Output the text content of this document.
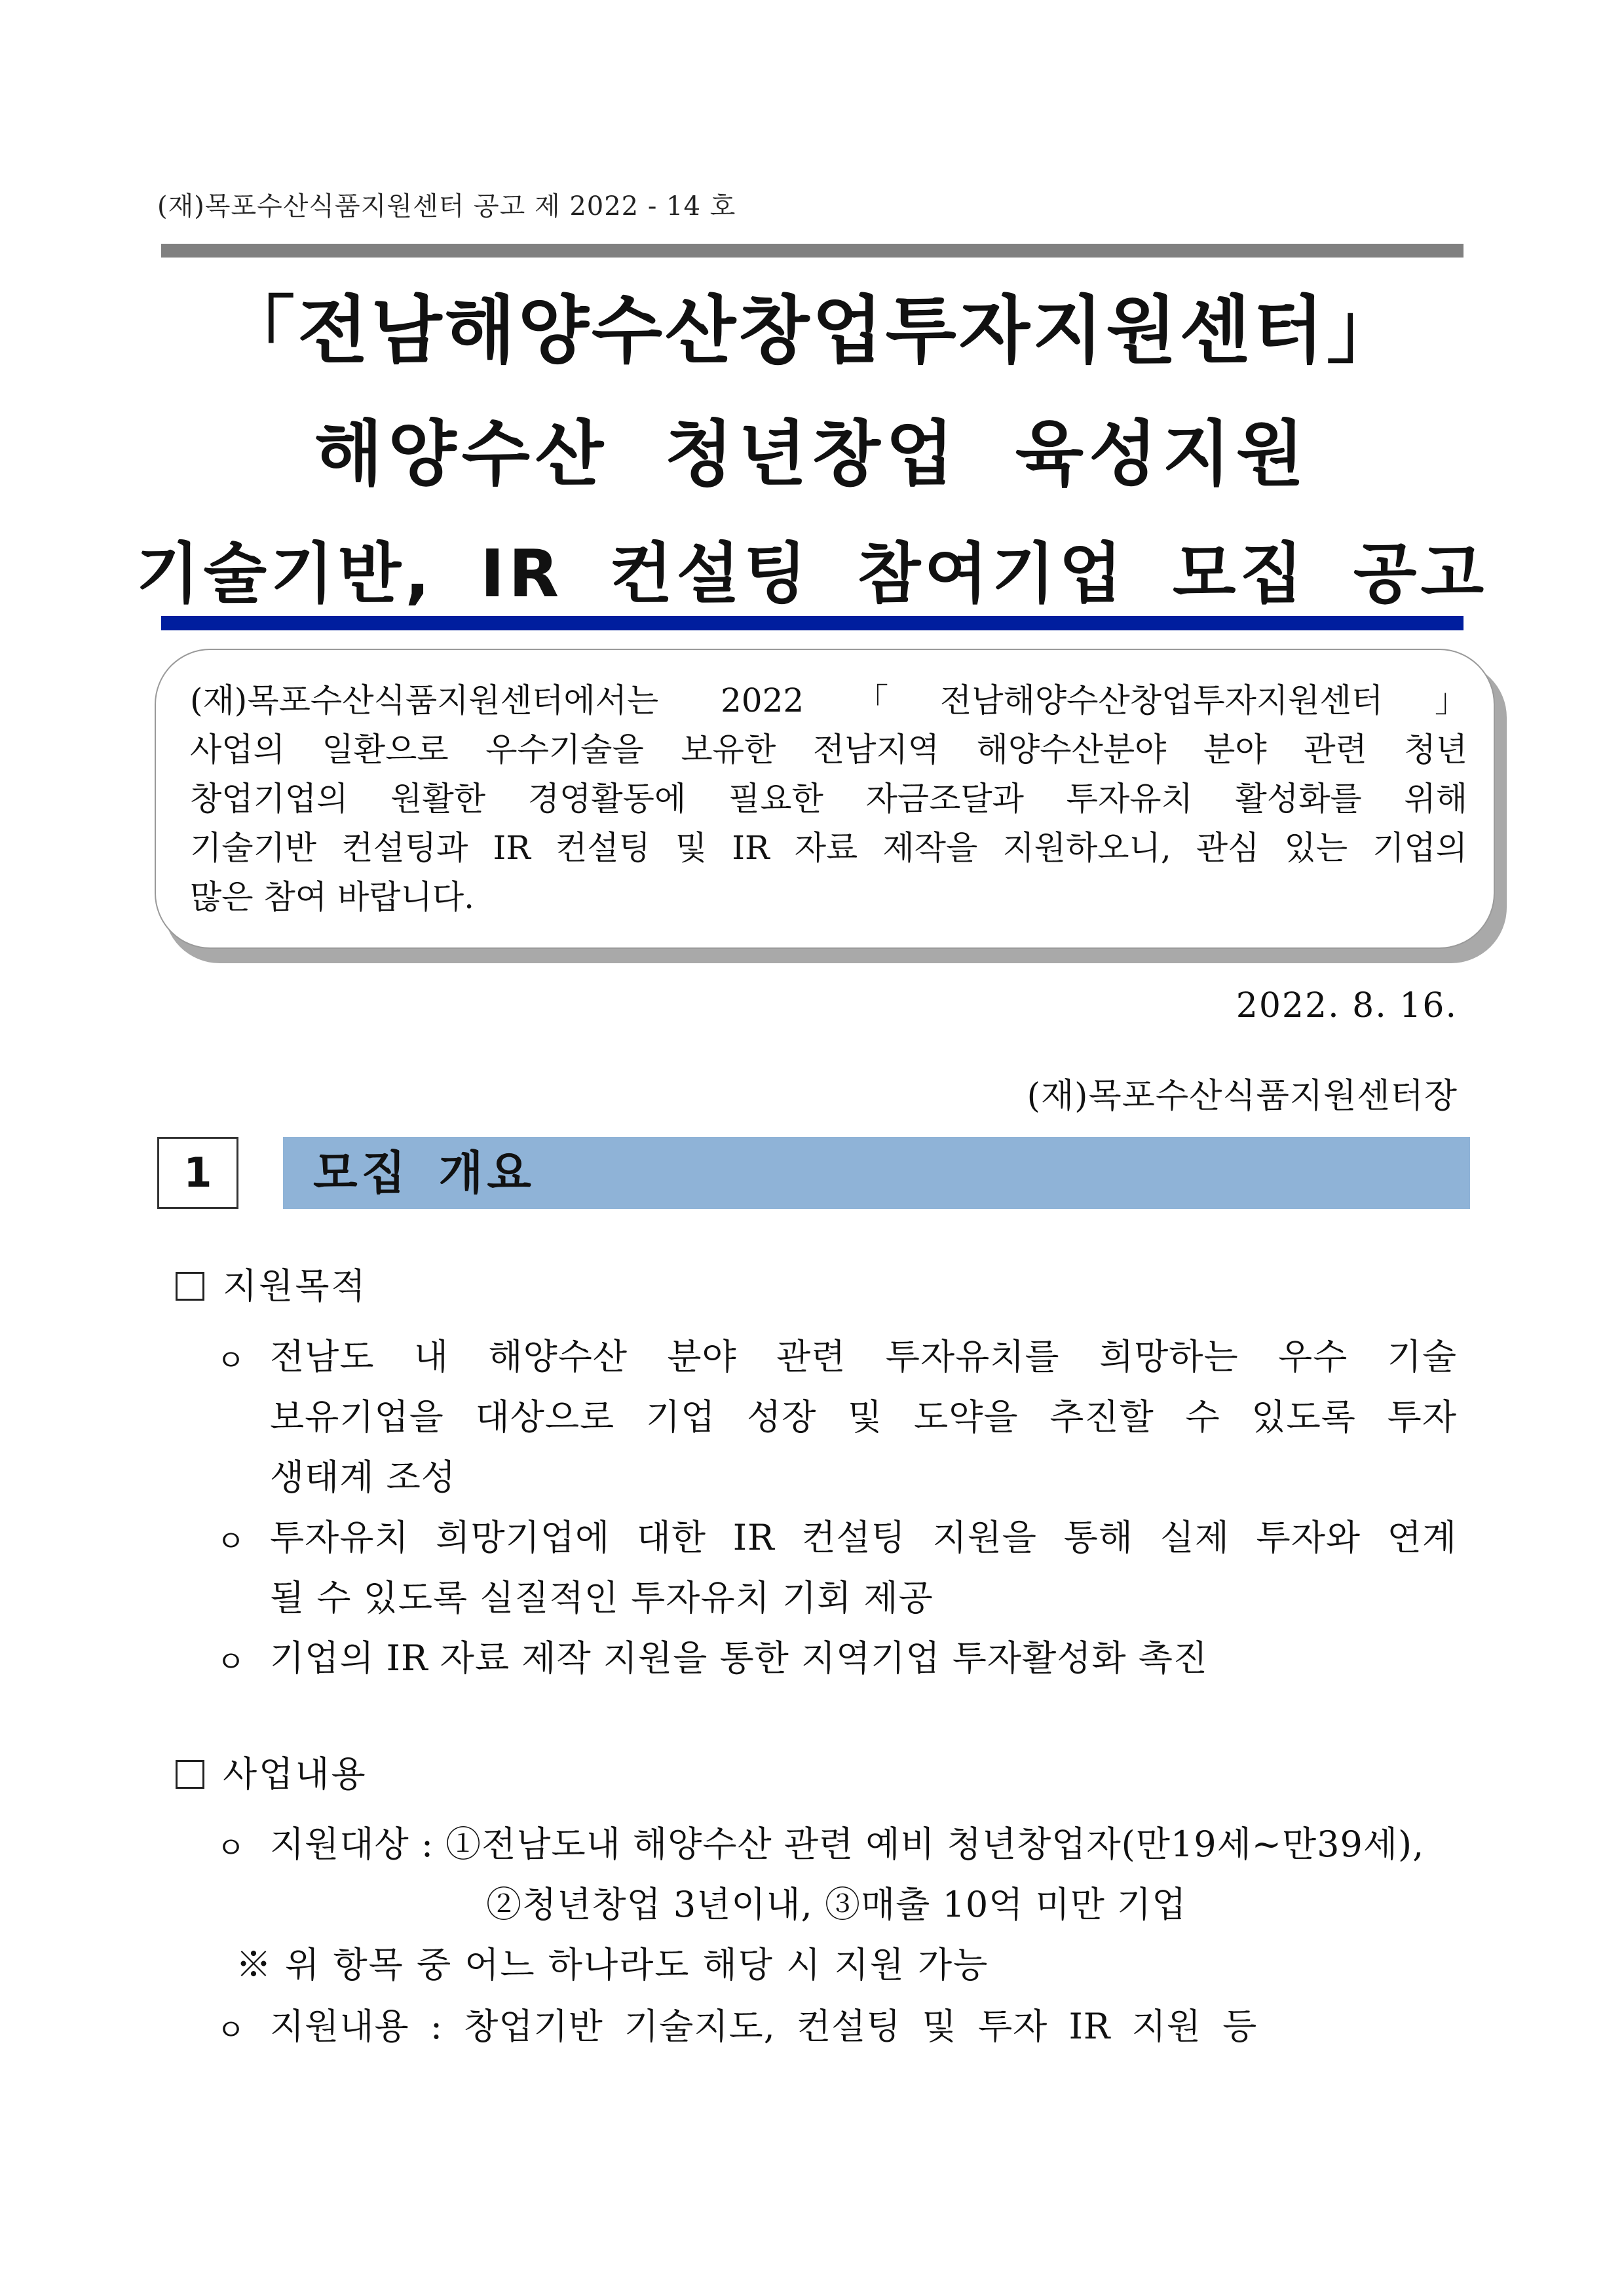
(재)목포수산식품지원센터 공고 제 2022 - 14 호
「전남해양수산창업투자지원센터」
해양수산 청년창업 육성지원
기술기반, IR 컨설팅 참여기업 모집 공고
(재)목포수산식품지원센터에서는 2022「전남해양수산창업투자지원센터」
사업의 일환으로 우수기술을 보유한 전남지역 해양수산분야 분야 관련 청년
창업기업의 원활한 경영활동에 필요한 자금조달과 투자유치 활성화를 위해
기술기반 컨설팅과 IR 컨설팅 및 IR 자료 제작을 지원하오니, 관심 있는 기업의
많은 참여 바랍니다.
2022. 8. 16.
(재)목포수산식품지원센터장
1	모집 개요
지원목적
ㅇ 전남도 내 해양수산 분야 관련 투자유치를 희망하는 우수 기술
보유기업을 대상으로 기업 성장 및 도약을 추진할 수 있도록 투자
생태계 조성
ㅇ 투자유치 희망기업에 대한 IR 컨설팅 지원을 통해 실제 투자와 연계
될 수 있도록 실질적인 투자유치 기회 제공
ㅇ 기업의 IR 자료 제작 지원을 통한 지역기업 투자활성화 촉진
사업내용
ㅇ 지원대상 : ①전남도내 해양수산 관련 예비 청년창업자(만19세~만39세),
②청년창업 3년이내, ③매출 10억 미만 기업
※ 위 항목 중 어느 하나라도 해당 시 지원 가능
ㅇ 지원내용 : 창업기반 기술지도, 컨설팅 및 투자 IR 지원 등
